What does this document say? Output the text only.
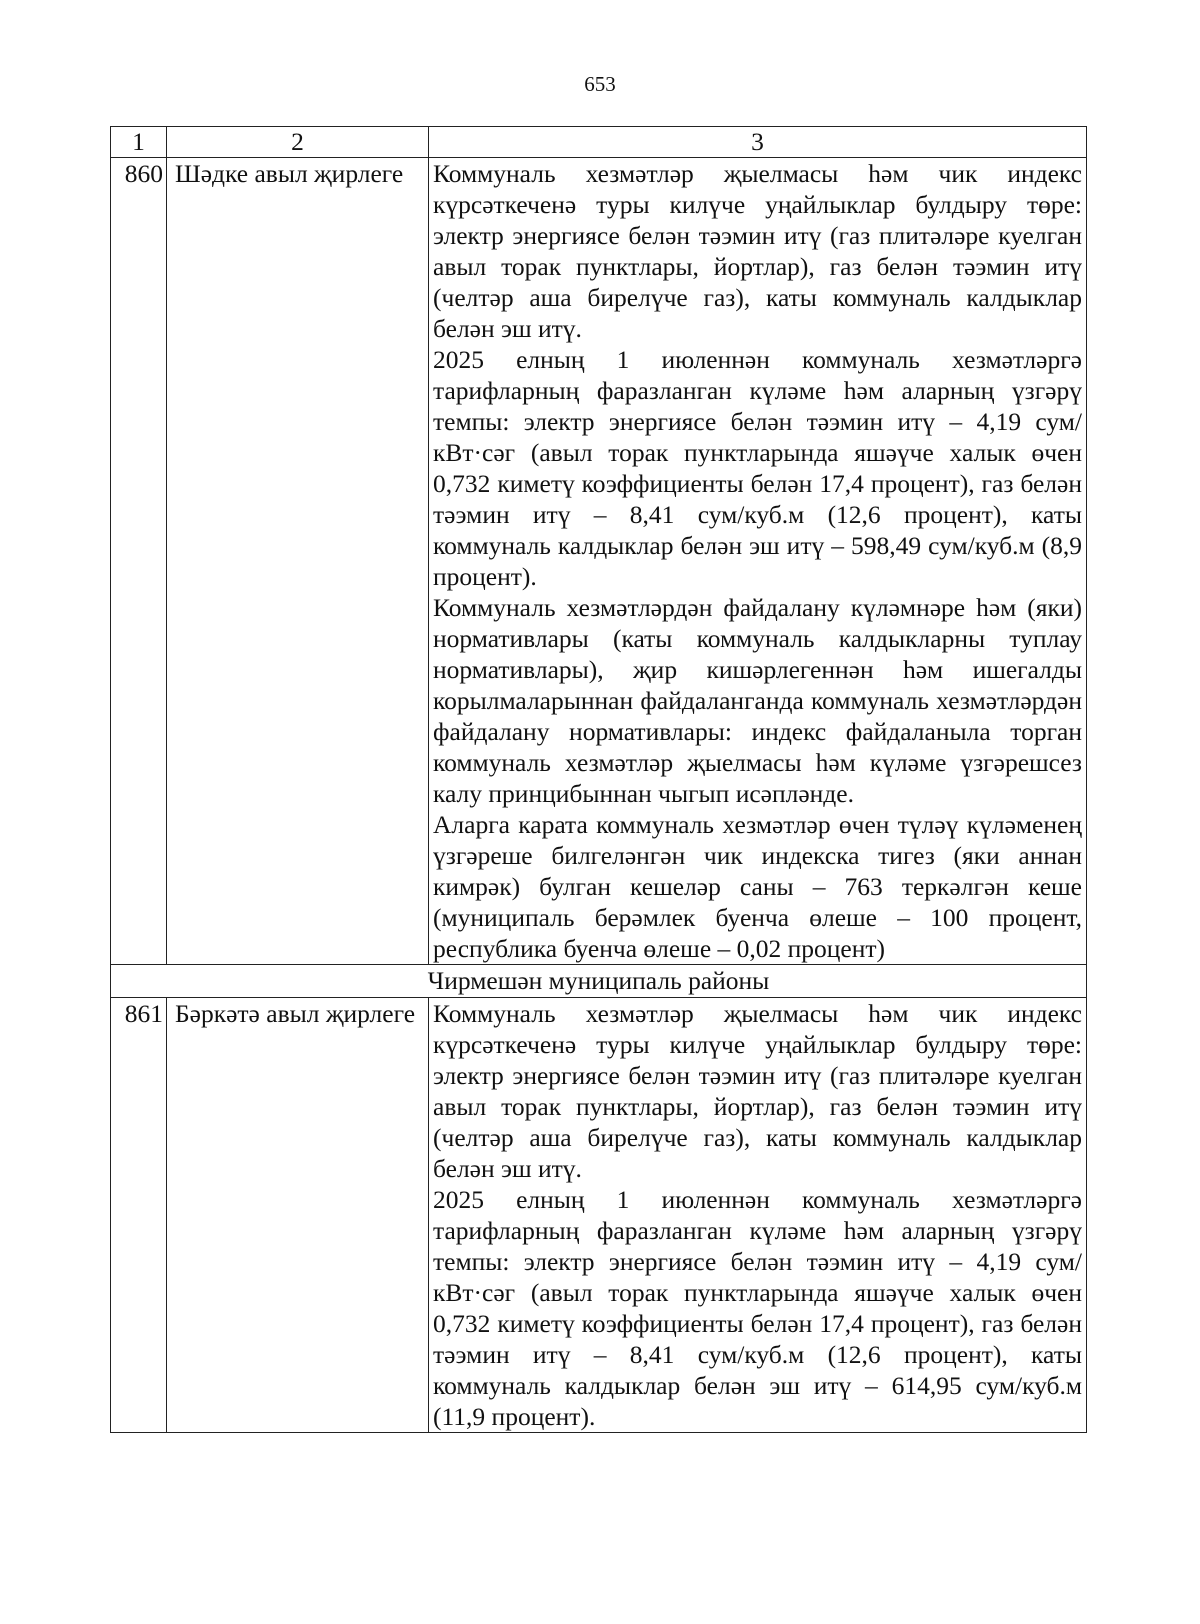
653
1	2	3
860	Шәдке авыл җирлеге	Коммуналь хезмәтләр җыелмасы һәм чик индекс күрсәткеченә туры килүче уңайлыклар булдыру төре: электр энергиясе белән тәэмин итү (газ плитәләре куелган авыл торак пунктлары, йортлар), газ белән тәэмин итү (челтәр аша бирелүче газ), каты коммуналь калдыклар белән эш итү.

2025 елның 1 июленнән коммуналь хезмәтләргә тарифларның фаразланган күләме һәм аларның үзгәрү темпы: электр энергиясе белән тәэмин итү – 4,19 сум/кВт·сәг (авыл торак пунктларында яшәүче халык өчен 0,732 киметү коэффициенты белән 17,4 процент), газ белән тәэмин итү – 8,41 сум/куб.м (12,6 процент), каты коммуналь калдыклар белән эш итү – 598,49 сум/куб.м (8,9 процент).

Коммуналь хезмәтләрдән файдалану күләмнәре һәм (яки) нормативлары (каты коммуналь калдыкларны туплау нормативлары), җир кишәрлегеннән һәм ишегалды корылмаларыннан файдаланганда коммуналь хезмәтләрдән файдалану нормативлары: индекс файдаланыла торган коммуналь хезмәтләр җыелмасы һәм күләме үзгәрешсез калу принцибыннан чыгып исәпләнде.

Аларга карата коммуналь хезмәтләр өчен түләү күләменең үзгәреше билгеләнгән чик индекска тигез (яки аннан кимрәк) булган кешеләр саны – 763 теркәлгән кеше (муниципаль берәмлек буенча өлеше – 100 процент, республика буенча өлеше – 0,02 процент)

Чирмешән муниципаль районы		
861	Бәркәтә авыл җирлеге	Коммуналь хезмәтләр җыелмасы һәм чик индекс күрсәткеченә туры килүче уңайлыклар булдыру төре: электр энергиясе белән тәэмин итү (газ плитәләре куелган авыл торак пунктлары, йортлар), газ белән тәэмин итү (челтәр аша бирелүче газ), каты коммуналь калдыклар белән эш итү.

2025 елның 1 июленнән коммуналь хезмәтләргә тарифларның фаразланган күләме һәм аларның үзгәрү темпы: электр энергиясе белән тәэмин итү – 4,19 сум/кВт·сәг (авыл торак пунктларында яшәүче халык өчен 0,732 киметү коэффициенты белән 17,4 процент), газ белән тәэмин итү – 8,41 сум/куб.м (12,6 процент), каты коммуналь калдыклар белән эш итү – 614,95 сум/куб.м (11,9 процент).
